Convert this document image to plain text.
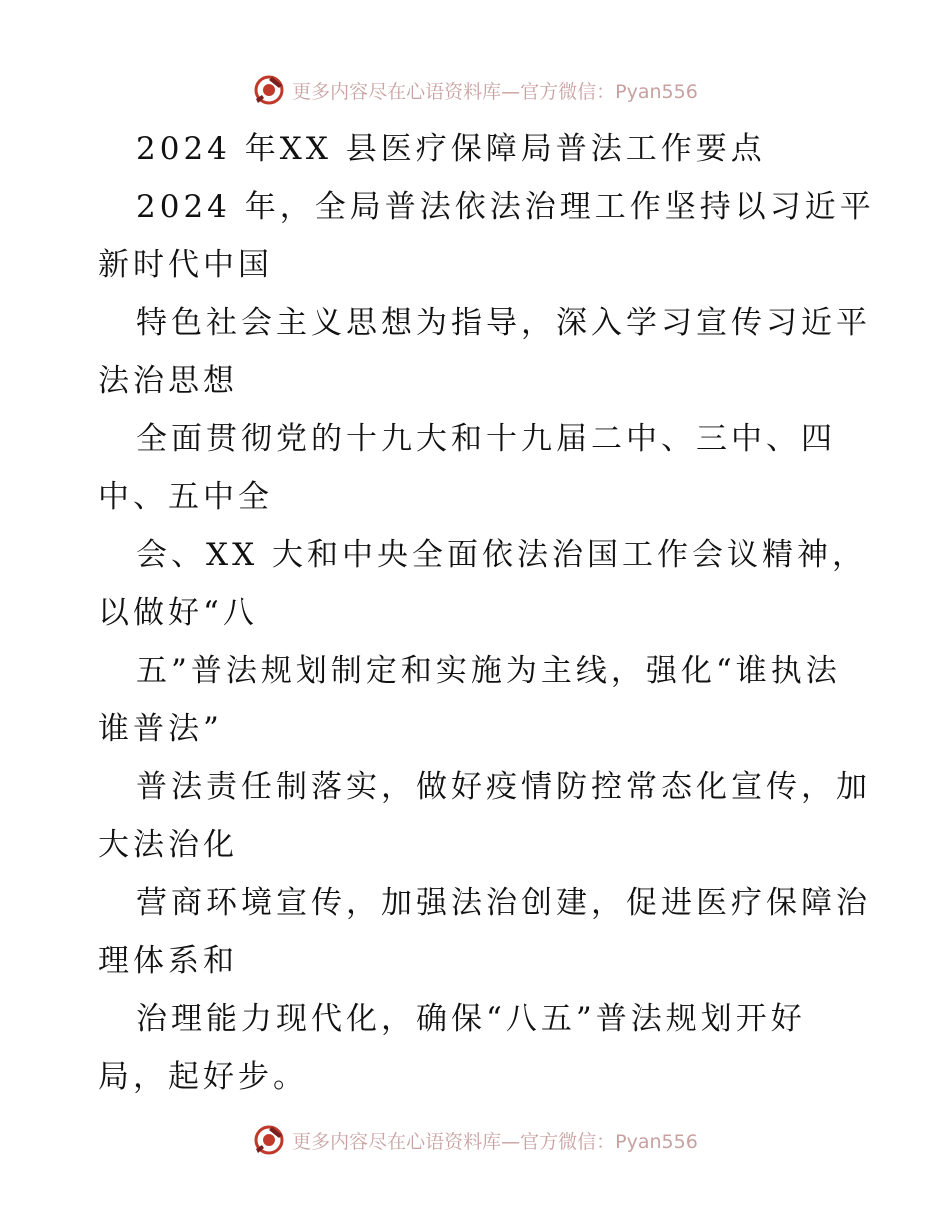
更多内容尽在心语资料库—官方微信：Pyan556

2024 年XX 县医疗保障局普法工作要点

2024 年，全局普法依法治理工作坚持以习近平

新时代中国

特色社会主义思想为指导，深入学习宣传习近平

法治思想

全面贯彻党的十九大和十九届二中、三中、四

中、五中全

会、XX 大和中央全面依法治国工作会议精神，

以做好“八

五”普法规划制定和实施为主线，强化“谁执法

谁普法”

普法责任制落实，做好疫情防控常态化宣传，加

大法治化

营商环境宣传，加强法治创建，促进医疗保障治

理体系和

治理能力现代化，确保“八五”普法规划开好

局，起好步。

更多内容尽在心语资料库—官方微信：Pyan556
